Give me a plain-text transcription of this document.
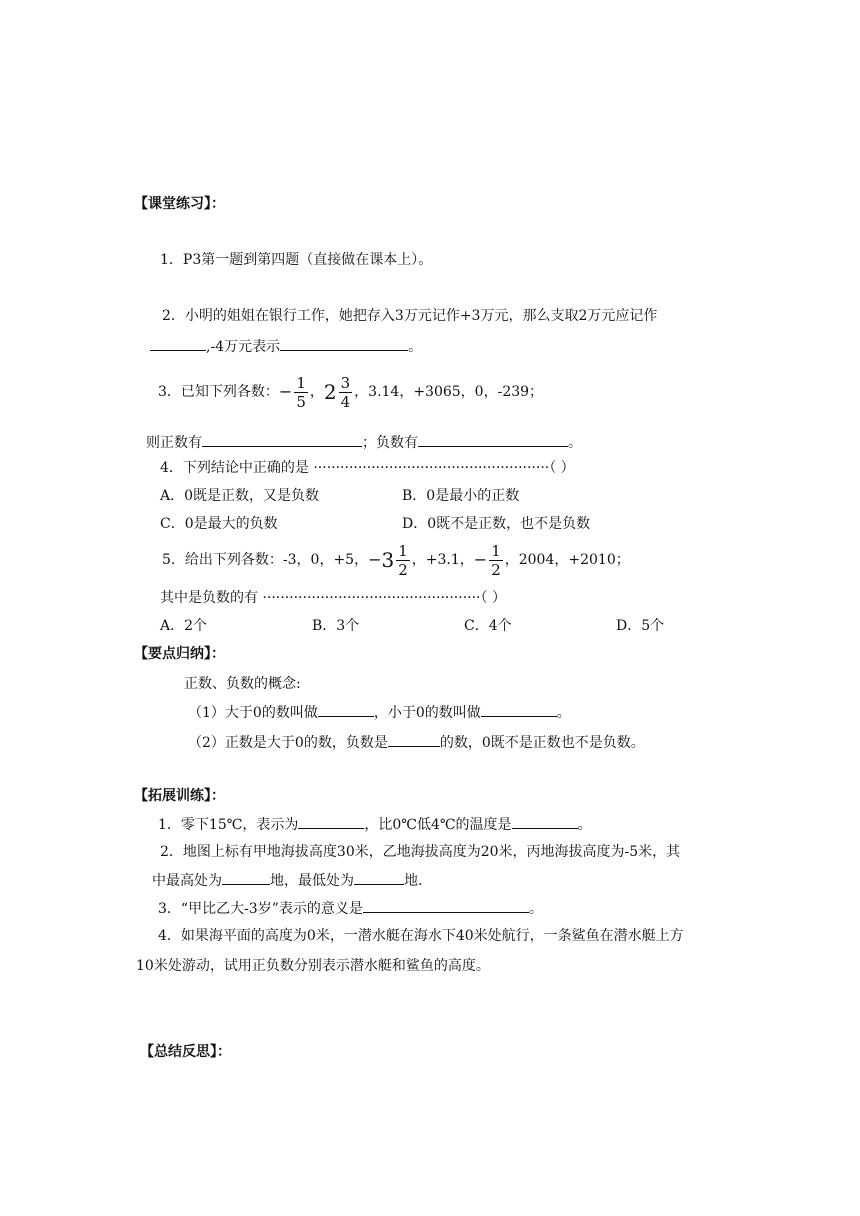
【课堂练习】：
1．P3第一题到第四题（直接做在课本上）。
2．小明的姐姐在银行工作，她把存入3万元记作+3万元，那么支取2万元应记作
,-4万元表示	。
3．已知下列各数：− $\frac{1}{5}$ ，$2 \frac{3}{4}$ ，3.14，+3065，0，-239；
则正数有	；负数有	。
4．下列结论中正确的是 ·····················································（ ）
A．0既是正数，又是负数	B．0是最小的正数
C．0是最大的负数	D．0既不是正数，也不是负数
5．给出下列各数：-3，0，+5，$-3 \frac{1}{2}$ ，+3.1，− $\frac{1}{2}$ ，2004，+2010；
其中是负数的有 ·················································（ ）
A．2个	B．3个	C．4个	D．5个
【要点归纳】：
正数、负数的概念:
（1）大于0的数叫做	，小于0的数叫做	。
（2）正数是大于0的数，负数是	的数，0既不是正数也不是负数。
【拓展训练】：
1．零下15℃，表示为	，比0℃低4℃的温度是	。
2．地图上标有甲地海拔高度30米，乙地海拔高度为20米，丙地海拔高度为-5米，其
中最高处为	地，最低处为	地.
3．“甲比乙大-3岁”表示的意义是	。
4．如果海平面的高度为0米，一潜水艇在海水下40米处航行，一条鲨鱼在潜水艇上方
10米处游动，试用正负数分别表示潜水艇和鲨鱼的高度。
【总结反思】：
